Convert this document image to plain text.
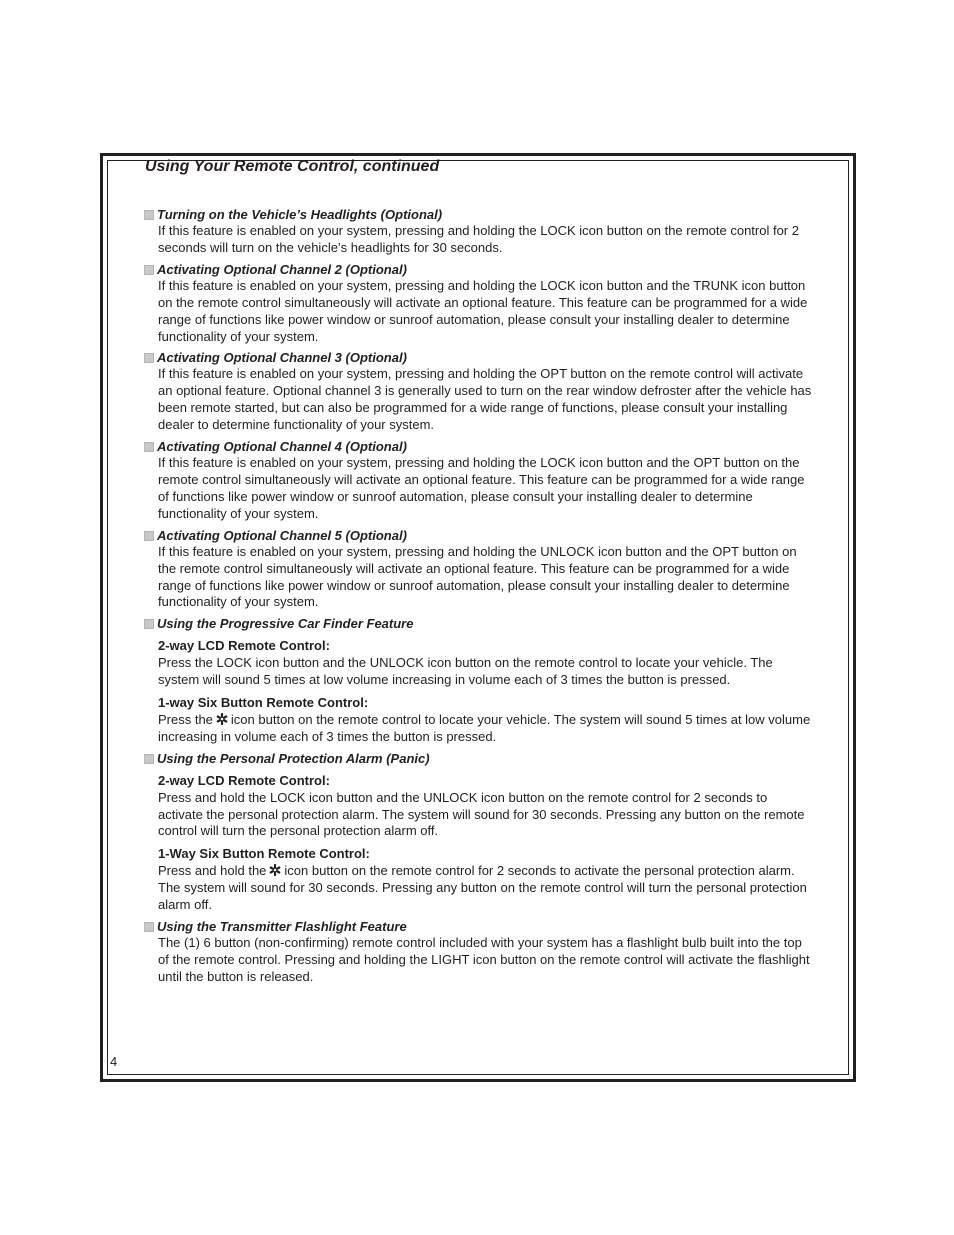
Using Your Remote Control, continued
Turning on the Vehicle’s Headlights (Optional)

If this feature is enabled on your system, pressing and holding the LOCK icon button on the remote control for 2 seconds will turn on the vehicle’s headlights for 30 seconds.

Activating Optional Channel 2 (Optional)

If this feature is enabled on your system, pressing and holding the LOCK icon button and the TRUNK icon button on the remote control simultaneously will activate an optional feature. This feature can be programmed for a wide range of functions like power window or sunroof automation, please consult your installing dealer to determine functionality of your system.

Activating Optional Channel 3 (Optional)

If this feature is enabled on your system, pressing and holding the OPT button on the remote control will activate an optional feature. Optional channel 3 is generally used to turn on the rear window defroster after the vehicle has been remote started, but can also be programmed for a wide range of functions, please consult your installing dealer to determine functionality of your system.

Activating Optional Channel 4 (Optional)

If this feature is enabled on your system, pressing and holding the LOCK icon button and the OPT button on the remote control simultaneously will activate an optional feature. This feature can be programmed for a wide range of functions like power window or sunroof automation, please consult your installing dealer to determine functionality of your system.

Activating Optional Channel 5 (Optional)

If this feature is enabled on your system, pressing and holding the UNLOCK icon button and the OPT button on the remote control simultaneously will activate an optional feature. This feature can be programmed for a wide range of functions like power window or sunroof automation, please consult your installing dealer to determine functionality of your system.

Using the Progressive Car Finder Feature

2-way LCD Remote Control:

Press the LOCK icon button and the UNLOCK icon button on the remote control to locate your vehicle. The system will sound 5 times at low volume increasing in volume each of 3 times the button is pressed.

1-way Six Button Remote Control:

Press the icon button on the remote control to locate your vehicle. The system will sound 5 times at low volume increasing in volume each of 3 times the button is pressed.

Using the Personal Protection Alarm (Panic)

2-way LCD Remote Control:

Press and hold the LOCK icon button and the UNLOCK icon button on the remote control for 2 seconds to activate the personal protection alarm. The system will sound for 30 seconds. Pressing any button on the remote control will turn the personal protection alarm off.

1-Way Six Button Remote Control:

Press and hold the icon button on the remote control for 2 seconds to activate the personal protection alarm. The system will sound for 30 seconds. Pressing any button on the remote control will turn the personal protection alarm off.

Using the Transmitter Flashlight Feature

The (1) 6 button (non-confirming) remote control included with your system has a flashlight bulb built into the top of the remote control. Pressing and holding the LIGHT icon button on the remote control will activate the flashlight until the button is released.

4
